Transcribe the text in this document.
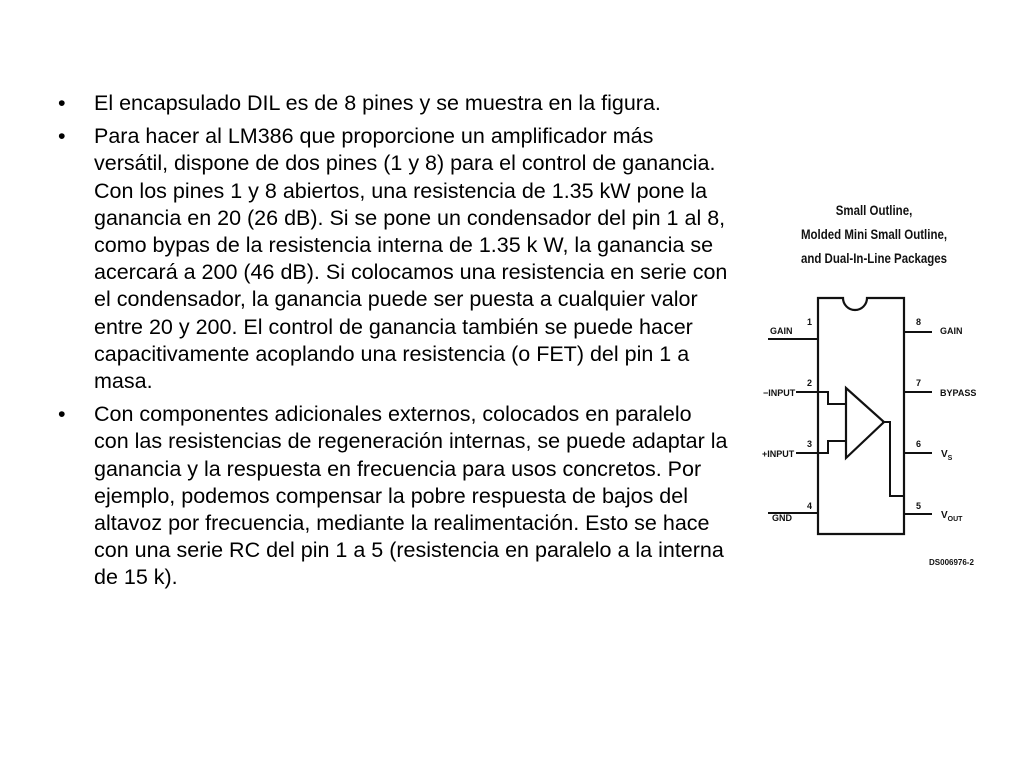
• El encapsulado DIL es de 8 pines y se muestra en la figura.
• Para hacer al LM386 que proporcione un amplificador más versátil, dispone de dos pines (1 y 8) para el control de ganancia. Con los pines 1 y 8 abiertos, una resistencia de 1.35 kW pone la ganancia en 20 (26 dB). Si se pone un condensador del pin 1 al 8, como bypas de la resistencia interna de 1.35 k W, la ganancia se acercará a 200 (46 dB). Si colocamos una resistencia en serie con el condensador, la ganancia puede ser puesta a cualquier valor entre 20 y 200. El control de ganancia también se puede hacer capacitivamente acoplando una resistencia (o FET) del pin 1 a masa.
• Con componentes adicionales externos, colocados en paralelo con las resistencias de regeneración internas, se puede adaptar la ganancia y la respuesta en frecuencia para usos concretos. Por ejemplo, podemos compensar la pobre respuesta de bajos del altavoz por frecuencia, mediante la realimentación. Esto se hace con una serie RC del pin 1 a 5 (resistencia en paralelo a la interna de 15 k).
Small Outline,
Molded Mini Small Outline,
and Dual-In-Line Packages
GAIN
1
−INPUT
2
+INPUT
3
GND
4
8
GAIN
7
BYPASS
6
$V_S$
5
$V_{OUT}$
DS006976-2
